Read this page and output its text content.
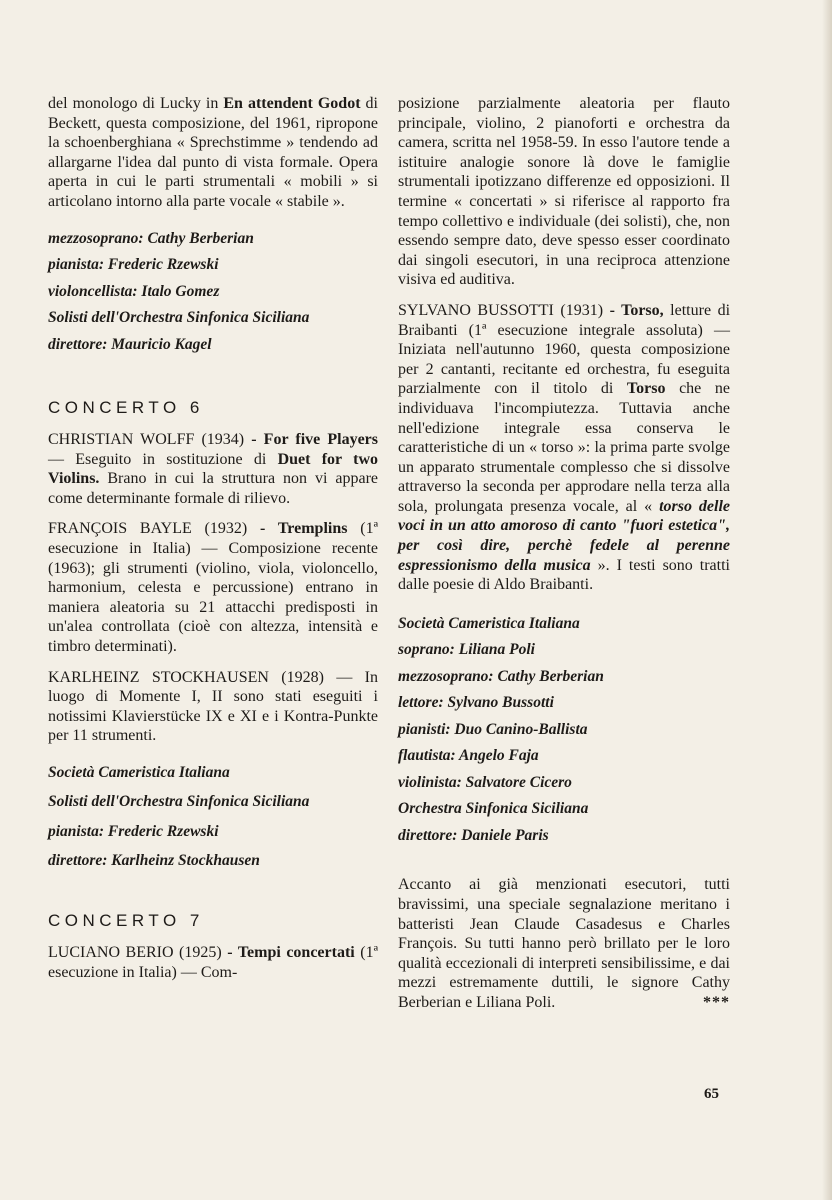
del monologo di Lucky in En attendent Godot di Beckett, questa composizione, del 1961, ripropone la schoenberghiana « Sprechstimme » tendendo ad allargarne l'idea dal punto di vista formale. Opera aperta in cui le parti strumentali « mobili » si articolano intorno alla parte vocale « stabile ».

mezzosoprano: Cathy Berberian
pianista: Frederic Rzewski
violoncellista: Italo Gomez
Solisti dell'Orchestra Sinfonica Siciliana
direttore: Mauricio Kagel
CONCERTO 6

CHRISTIAN WOLFF (1934) - For five Players — Eseguito in sostituzione di Duet for two Violins. Brano in cui la struttura non vi appare come determinante formale di rilievo.

FRANÇOIS BAYLE (1932) - Tremplins (1ª esecuzione in Italia) — Composizione recente (1963); gli strumenti (violino, viola, violoncello, harmonium, celesta e percussione) entrano in maniera aleatoria su 21 attacchi predisposti in un'alea controllata (cioè con altezza, intensità e timbro determinati).

KARLHEINZ STOCKHAUSEN (1928) — In luogo di Momente I, II sono stati eseguiti i notissimi Klavierstücke IX e XI e i Kontra-Punkte per 11 strumenti.

Società Cameristica Italiana
Solisti dell'Orchestra Sinfonica Siciliana
pianista: Frederic Rzewski
direttore: Karlheinz Stockhausen
CONCERTO 7

LUCIANO BERIO (1925) - Tempi concertati (1ª esecuzione in Italia) — Com-

posizione parzialmente aleatoria per flauto principale, violino, 2 pianoforti e orchestra da camera, scritta nel 1958-59. In esso l'autore tende a istituire analogie sonore là dove le famiglie strumentali ipotizzano differenze ed opposizioni. Il termine « concertati » si riferisce al rapporto fra tempo collettivo e individuale (dei solisti), che, non essendo sempre dato, deve spesso esser coordinato dai singoli esecutori, in una reciproca attenzione visiva ed auditiva.

SYLVANO BUSSOTTI (1931) - Torso, letture di Braibanti (1ª esecuzione integrale assoluta) — Iniziata nell'autunno 1960, questa composizione per 2 cantanti, recitante ed orchestra, fu eseguita parzialmente con il titolo di Torso che ne individuava l'incompiutezza. Tuttavia anche nell'edizione integrale essa conserva le caratteristiche di un « torso »: la prima parte svolge un apparato strumentale complesso che si dissolve attraverso la seconda per approdare nella terza alla sola, prolungata presenza vocale, al « torso delle voci in un atto amoroso di canto "fuori estetica", per così dire, perchè fedele al perenne espressionismo della musica ». I testi sono tratti dalle poesie di Aldo Braibanti.

Società Cameristica Italiana
soprano: Liliana Poli
mezzosoprano: Cathy Berberian
lettore: Sylvano Bussotti
pianisti: Duo Canino-Ballista
flautista: Angelo Faja
violinista: Salvatore Cicero
Orchestra Sinfonica Siciliana
direttore: Daniele Paris

Accanto ai già menzionati esecutori, tutti bravissimi, una speciale segnalazione meritano i batteristi Jean Claude Casadesus e Charles François. Su tutti hanno però brillato per le loro qualità eccezionali di interpreti sensibilissime, e dai mezzi estremamente duttili, le signore Cathy Berberian e Liliana Poli.	***

65
